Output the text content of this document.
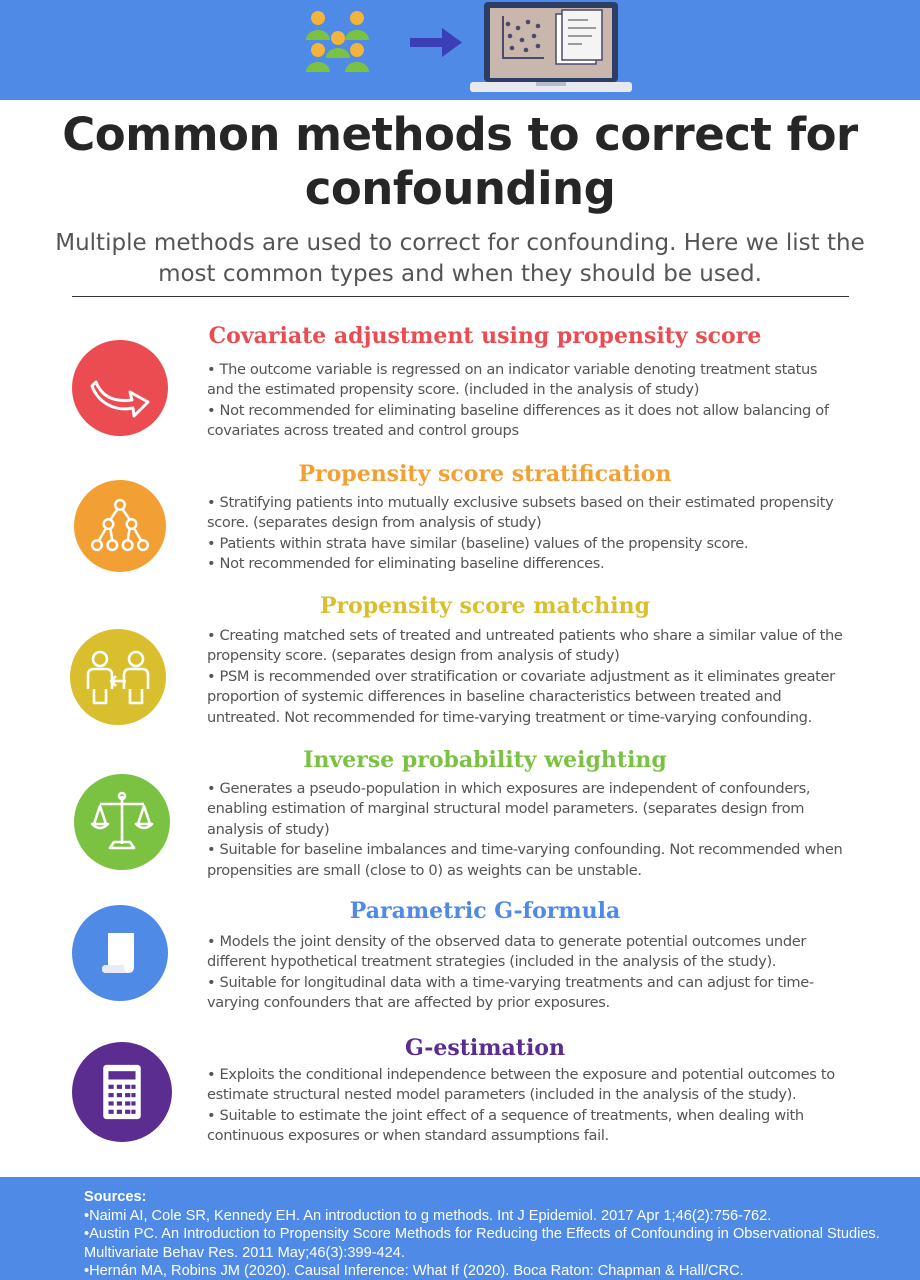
Common methods to correct for confounding

Multiple methods are used to correct for confounding. Here we list the most common types and when they should be used.

Covariate adjustment using propensity score

• The outcome variable is regressed on an indicator variable denoting treatment status and the estimated propensity score. (included in the analysis of study)

• Not recommended for eliminating baseline differences as it does not allow balancing of covariates across treated and control groups

Propensity score stratification

• Stratifying patients into mutually exclusive subsets based on their estimated propensity score. (separates design from analysis of study)

• Patients within strata have similar (baseline) values of the propensity score.

• Not recommended for eliminating baseline differences.

Propensity score matching

• Creating matched sets of treated and untreated patients who share a similar value of the propensity score. (separates design from analysis of study)

• PSM is recommended over stratification or covariate adjustment as it eliminates greater proportion of systemic differences in baseline characteristics between treated and untreated. Not recommended for time-varying treatment or time-varying confounding.

Inverse probability weighting

• Generates a pseudo-population in which exposures are independent of confounders, enabling estimation of marginal structural model parameters. (separates design from analysis of study)

• Suitable for baseline imbalances and time-varying confounding. Not recommended when propensities are small (close to 0) as weights can be unstable.

Parametric G-formula

• Models the joint density of the observed data to generate potential outcomes under different hypothetical treatment strategies (included in the analysis of the study).

• Suitable for longitudinal data with a time-varying treatments and can adjust for time-varying confounders that are affected by prior exposures.

G-estimation

• Exploits the conditional independence between the exposure and potential outcomes to estimate structural nested model parameters (included in the analysis of the study).

• Suitable to estimate the joint effect of a sequence of treatments, when dealing with continuous exposures or when standard assumptions fail.

Sources:
•Naimi AI, Cole SR, Kennedy EH. An introduction to g methods. Int J Epidemiol. 2017 Apr 1;46(2):756-762.
•Austin PC. An Introduction to Propensity Score Methods for Reducing the Effects of Confounding in Observational Studies. Multivariate Behav Res. 2011 May;46(3):399-424.
•Hernán MA, Robins JM (2020). Causal Inference: What If (2020). Boca Raton: Chapman & Hall/CRC.
